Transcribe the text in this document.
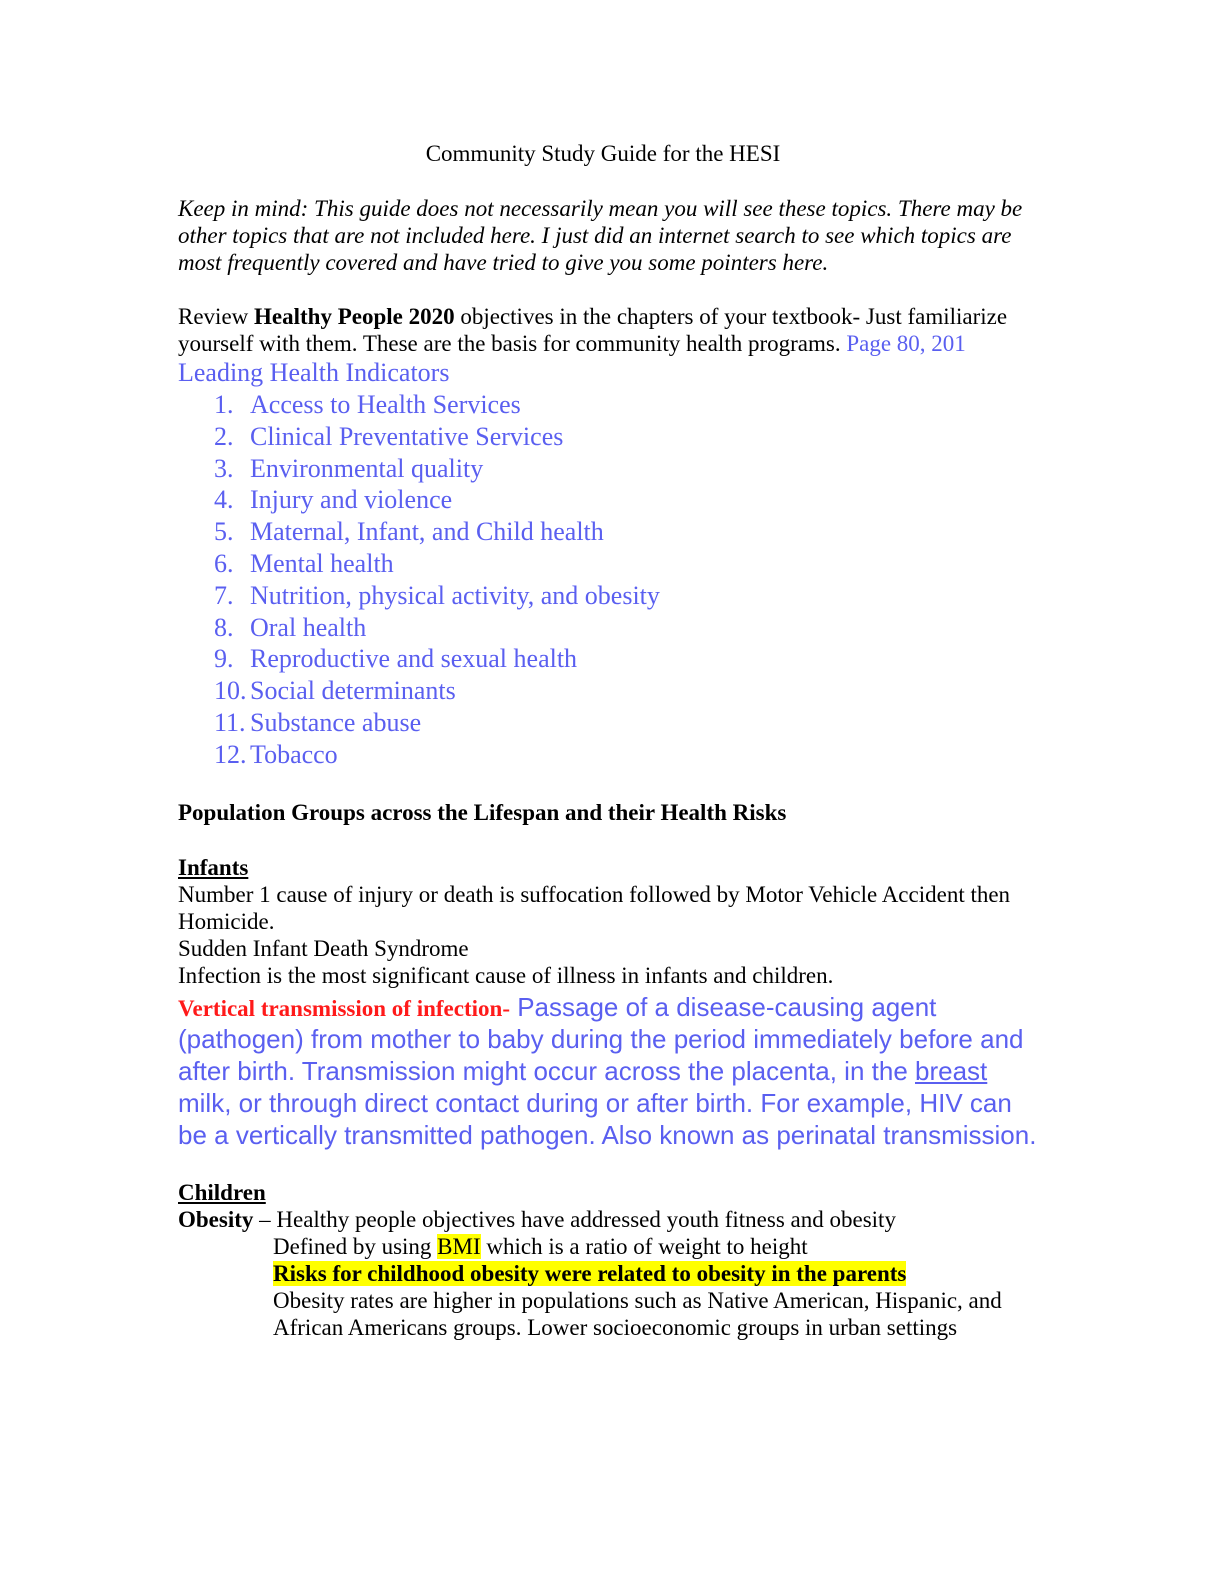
Community Study Guide for the HESI

Keep in mind: This guide does not necessarily mean you will see these topics. There may be other topics that are not included here. I just did an internet search to see which topics are most frequently covered and have tried to give you some pointers here.

Review Healthy People 2020 objectives in the chapters of your textbook- Just familiarize yourself with them. These are the basis for community health programs. Page 80, 201

Leading Health Indicators
1. Access to Health Services
2. Clinical Preventative Services
3. Environmental quality
4. Injury and violence
5. Maternal, Infant, and Child health
6. Mental health
7. Nutrition, physical activity, and obesity
8. Oral health
9. Reproductive and sexual health
10. Social determinants
11. Substance abuse
12. Tobacco

Population Groups across the Lifespan and their Health Risks

Infants

Number 1 cause of injury or death is suffocation followed by Motor Vehicle Accident then Homicide.

Sudden Infant Death Syndrome

Infection is the most significant cause of illness in infants and children.

Vertical transmission of infection- Passage of a disease-causing agent (pathogen) from mother to baby during the period immediately before and after birth. Transmission might occur across the placenta, in the breast milk, or through direct contact during or after birth. For example, HIV can be a vertically transmitted pathogen. Also known as perinatal transmission.

Children

Obesity – Healthy people objectives have addressed youth fitness and obesity

Defined by using BMI which is a ratio of weight to height

Risks for childhood obesity were related to obesity in the parents

Obesity rates are higher in populations such as Native American, Hispanic, and African Americans groups. Lower socioeconomic groups in urban settings
